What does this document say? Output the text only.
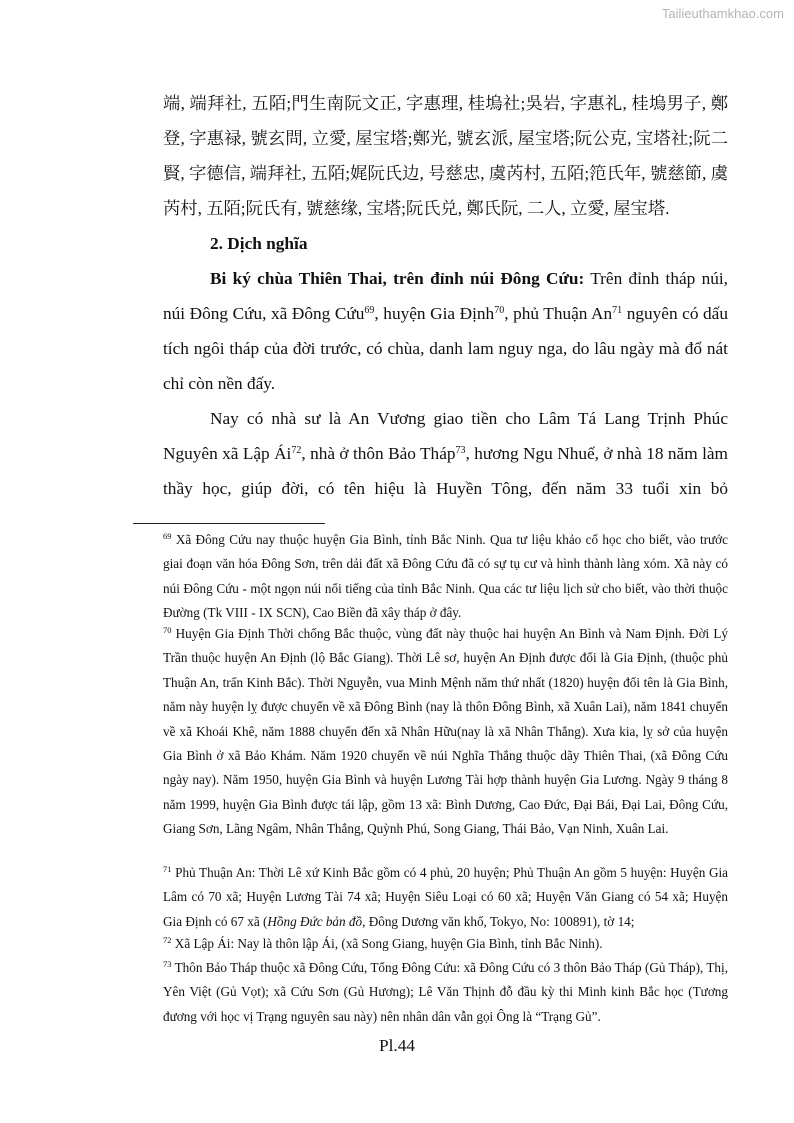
Tailieuthamkhao.com

端, 端拜社, 五陌;門生南阮文正, 字惠理, 桂塢社;吳岩, 字惠礼, 桂塢男子, 鄭登, 字惠禄, 號玄問, 立愛, 屋宝塔;鄭光, 號玄派, 屋宝塔;阮公克, 宝塔社;阮二賢, 字德信, 端拜社, 五陌;娓阮氏边, 号慈忠, 虞芮村, 五陌;笵氏年, 號慈節, 虞芮村, 五陌;阮氏有, 號慈缘, 宝塔;阮氏兑, 鄭氏阮, 二人, 立愛, 屋宝塔.

2. Dịch nghĩa

Bi ký chùa Thiên Thai, trên đỉnh núi Đông Cứu: Trên đỉnh tháp núi, núi Đông Cứu, xã Đông Cứu$^{69}$, huyện Gia Định$^{70}$, phủ Thuận An$^{71}$ nguyên có dấu tích ngôi tháp của đời trước, có chùa, danh lam nguy nga, do lâu ngày mà đổ nát chỉ còn nền đấy.

Nay có nhà sư là An Vương giao tiền cho Lâm Tá Lang Trịnh Phúc Nguyên xã Lập $Ái^{72}$, nhà ở thôn Bảo Tháp$^{73}$, hương Ngu Nhuế, ở nhà 18 năm làm thầy học, giúp đời, có tên hiệu là Huyền Tông, đến năm 33 tuổi xin bỏ

$^{69}$ Xã Đông Cứu nay thuộc huyện Gia Bình, tỉnh Bắc Ninh. Qua tư liệu khảo cổ học cho biết, vào trước giai đoạn văn hóa Đông Sơn, trên dải đất xã Đông Cứu đã có sự tụ cư và hình thành làng xóm. Xã này có núi Đông Cứu - một ngọn núi nổi tiếng của tỉnh Bắc Ninh. Qua các tư liệu lịch sử cho biết, vào thời thuộc Đường (Tk VIII - IX SCN), Cao Biền đã xây tháp ở đây.
$^{70}$ Huyện Gia Định Thời chống Bắc thuộc, vùng đất này thuộc hai huyện An Bình và Nam Định. Đời Lý Trần thuộc huyện An Định (lộ Bắc Giang). Thời Lê sơ, huyện An Định được đổi là Gia Định, (thuộc phủ Thuận An, trấn Kinh Bắc). Thời Nguyễn, vua Minh Mệnh năm thứ nhất (1820) huyện đổi tên là Gia Bình, năm này huyện lỵ được chuyển về xã Đông Bình (nay là thôn Đông Bình, xã Xuân Lai), năm 1841 chuyển về xã Khoái Khê, năm 1888 chuyển đến xã Nhân Hữu(nay là xã Nhân Thắng). Xưa kia, lỵ sở của huyện Gia Bình ở xã Bảo Khám. Năm 1920 chuyển về núi Nghĩa Thắng thuộc dãy Thiên Thai, (xã Đông Cứu ngày nay). Năm 1950, huyện Gia Bình và huyện Lương Tài hợp thành huyện Gia Lương. Ngày 9 tháng 8 năm 1999, huyện Gia Bình được tái lập, gồm 13 xã: Bình Dương, Cao Đức, Đại Bái, Đại Lai, Đông Cứu, Giang Sơn, Lãng Ngâm, Nhân Thắng, Quỳnh Phú, Song Giang, Thái Bảo, Vạn Ninh, Xuân Lai.
$^{71}$ Phủ Thuận An: Thời Lê xứ Kinh Bắc gồm có 4 phủ, 20 huyện; Phủ Thuận An gồm 5 huyện: Huyện Gia Lâm có 70 xã; Huyện Lương Tài 74 xã; Huyện Siêu Loại có 60 xã; Huyện Văn Giang có 54 xã; Huyện Gia Định có 67 xã (Hồng Đức bản đồ, Đông Dương văn khố, Tokyo, No: 100891), tờ 14;
$^{72}$ Xã Lập Ái: Nay là thôn lập Ái, (xã Song Giang, huyện Gia Bình, tỉnh Bắc Ninh).
$^{73}$ Thôn Bảo Tháp thuộc xã Đông Cứu, Tổng Đông Cứu: xã Đông Cứu có 3 thôn Bảo Tháp (Gủ Tháp), Thị, Yên Việt (Gủ Vọt); xã Cứu Sơn (Gủ Hương); Lê Văn Thịnh đỗ đầu kỳ thi Minh kinh Bắc học (Tương đương với học vị Trạng nguyên sau này) nên nhân dân vẫn gọi Ông là “Trạng Gủ”.
Pl.44
